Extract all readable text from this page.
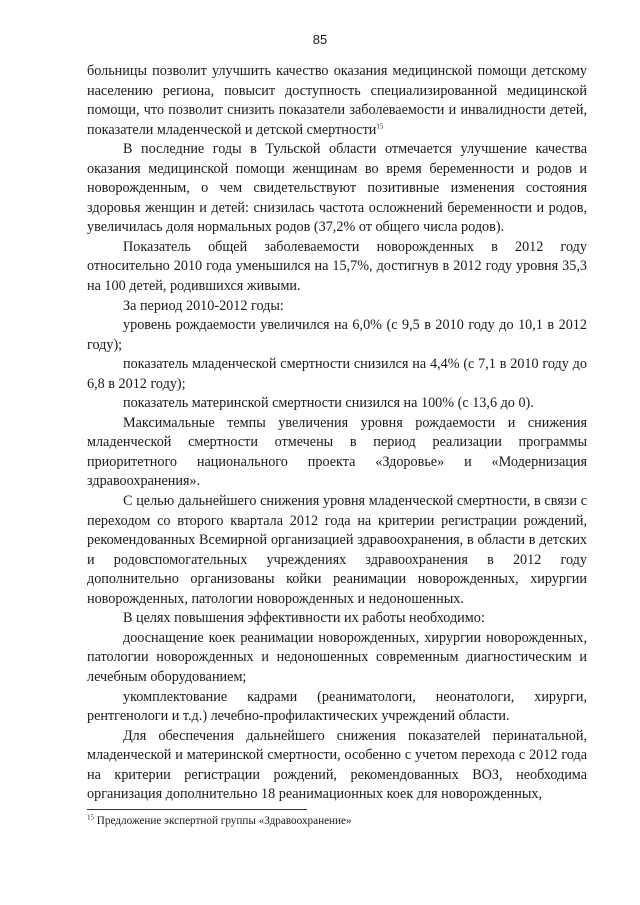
85

больницы позволит улучшить качество оказания медицинской помощи детскому населению региона, повысит доступность специализированной медицинской помощи, что позволит снизить показатели заболеваемости и инвалидности детей, показатели младенческой и детской смертности$^{15}$

В последние годы в Тульской области отмечается улучшение качества оказания медицинской помощи женщинам во время беременности и родов и новорожденным, о чем свидетельствуют позитивные изменения состояния здоровья женщин и детей: снизилась частота осложнений беременности и родов, увеличилась доля нормальных родов (37,2% от общего числа родов).

Показатель общей заболеваемости новорожденных в 2012 году относительно 2010 года уменьшился на 15,7%, достигнув в 2012 году уровня 35,3 на 100 детей, родившихся живыми.

За период 2010-2012 годы:

уровень рождаемости увеличился на 6,0% (с 9,5 в 2010 году до 10,1 в 2012 году);

показатель младенческой смертности снизился на 4,4% (с 7,1 в 2010 году до 6,8 в 2012 году);

показатель материнской смертности снизился на 100% (с 13,6 до 0).

Максимальные темпы увеличения уровня рождаемости и снижения младенческой смертности отмечены в период реализации программы приоритетного национального проекта «Здоровье» и «Модернизация здравоохранения».

С целью дальнейшего снижения уровня младенческой смертности, в связи с переходом со второго квартала 2012 года на критерии регистрации рождений, рекомендованных Всемирной организацией здравоохранения, в области в детских и родовспомогательных учреждениях здравоохранения в 2012 году дополнительно организованы койки реанимации новорожденных, хирургии новорожденных, патологии новорожденных и недоношенных.

В целях повышения эффективности их работы необходимо:

дооснащение коек реанимации новорожденных, хирургии новорожденных, патологии новорожденных и недоношенных современным диагностическим и лечебным оборудованием;

укомплектование кадрами (реаниматологи, неонатологи, хирурги, рентгенологи и т.д.) лечебно-профилактических учреждений области.

Для обеспечения дальнейшего снижения показателей перинатальной, младенческой и материнской смертности, особенно с учетом перехода с 2012 года на критерии регистрации рождений, рекомендованных ВОЗ, необходима организация дополнительно 18 реанимационных коек для новорожденных,

$^{15}$ Предложение экспертной группы «Здравоохранение»
